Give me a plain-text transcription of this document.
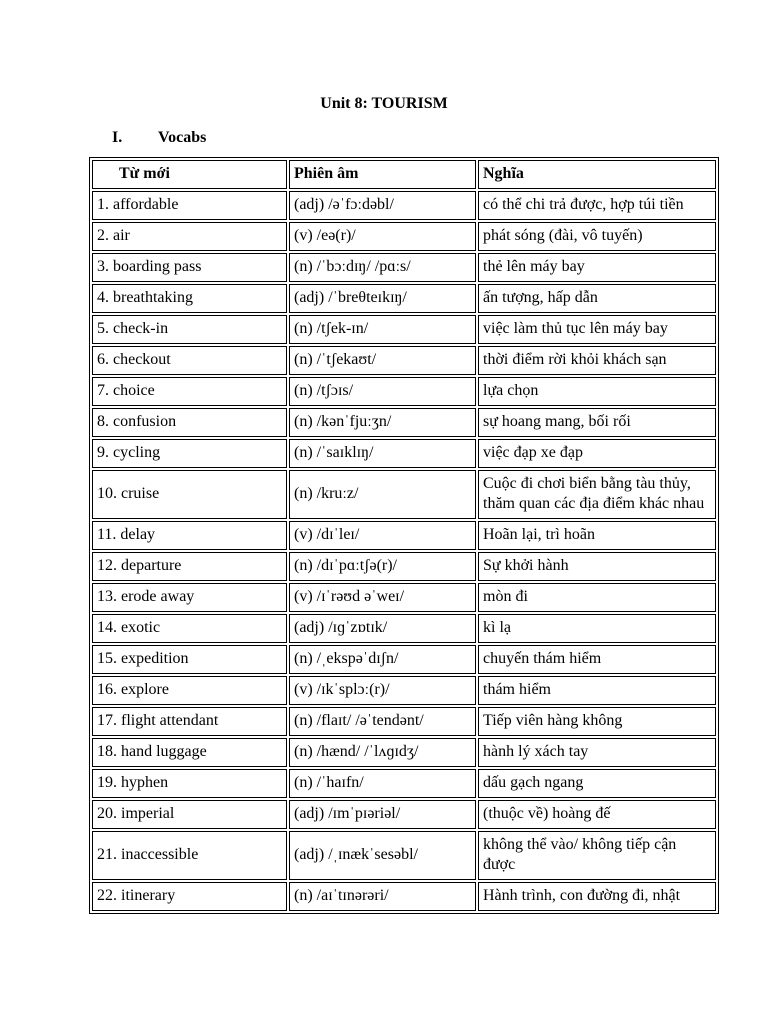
Unit 8: TOURISM
I. Vocabs
Từ mới	Phiên âm	Nghĩa
1. affordable	(adj) /əˈfɔːdəbl/	có thể chi trả được, hợp túi tiền
2. air	(v) /eə(r)/	phát sóng (đài, vô tuyến)
3. boarding pass	(n) /ˈbɔːdɪŋ/ /pɑːs/	thẻ lên máy bay
4. breathtaking	(adj) /ˈbreθteɪkɪŋ/	ấn tượng, hấp dẫn
5. check-in	(n) /tʃek-ɪn/	việc làm thủ tục lên máy bay
6. checkout	(n) /ˈtʃekaʊt/	thời điểm rời khỏi khách sạn
7. choice	(n) /tʃɔɪs/	lựa chọn
8. confusion	(n) /kənˈfjuːʒn/	sự hoang mang, bối rối
9. cycling	(n) /ˈsaɪklɪŋ/	việc đạp xe đạp
10. cruise	(n) /kruːz/	Cuộc đi chơi biển bằng tàu thủy, thăm quan các địa điểm khác nhau
11. delay	(v) /dɪˈleɪ/	Hoãn lại, trì hoãn
12. departure	(n) /dɪˈpɑːtʃə(r)/	Sự khởi hành
13. erode away	(v) /ɪˈrəʊd əˈweɪ/	mòn đi
14. exotic	(adj) /ɪɡˈzɒtɪk/	kì lạ
15. expedition	(n) /ˌekspəˈdɪʃn/	chuyến thám hiểm
16. explore	(v) /ɪkˈsplɔː(r)/	thám hiểm
17. flight attendant	(n) /flaɪt/ /əˈtendənt/	Tiếp viên hàng không
18. hand luggage	(n) /hænd/ /ˈlʌɡɪdʒ/	hành lý xách tay
19. hyphen	(n) /ˈhaɪfn/	dấu gạch ngang
20. imperial	(adj) /ɪmˈpɪəriəl/	(thuộc về) hoàng đế
21. inaccessible	(adj) /ˌɪnækˈsesəbl/	không thể vào/ không tiếp cận được
22. itinerary	(n) /aɪˈtɪnərəri/	Hành trình, con đường đi, nhật
